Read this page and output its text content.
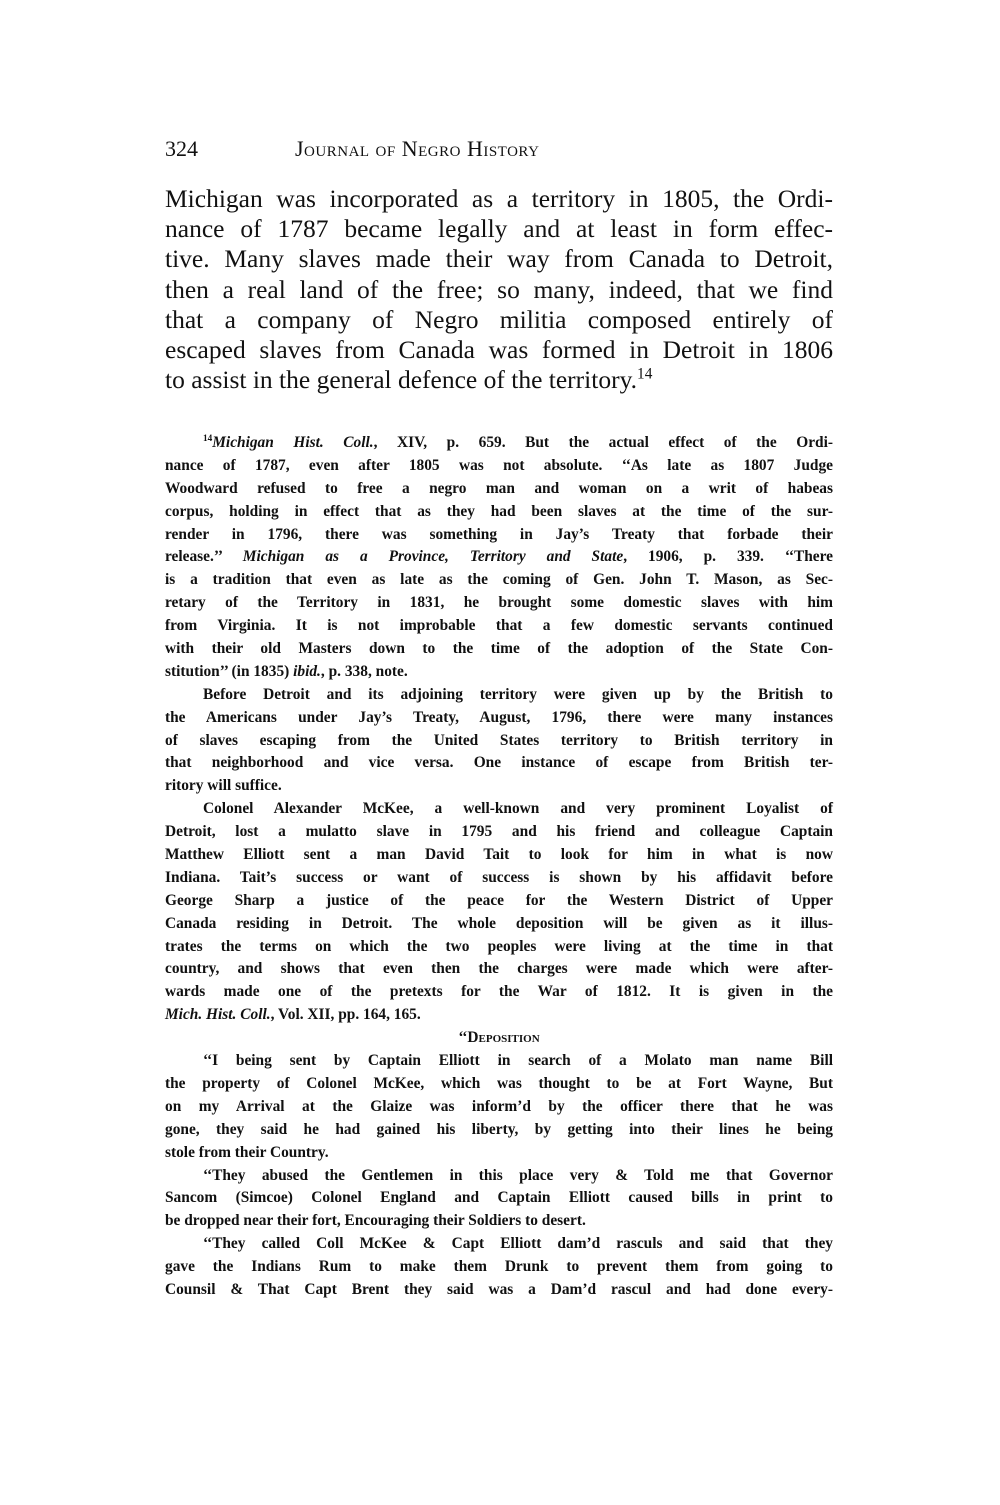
324	Journal of Negro History
Michigan was incorporated as a territory in 1805, the Ordi-
nance of 1787 became legally and at least in form effec-
tive. Many slaves made their way from Canada to Detroit,
then a real land of the free; so many, indeed, that we find
that a company of Negro militia composed entirely of
escaped slaves from Canada was formed in Detroit in 1806
to assist in the general defence of the territory.$^{14}$
$^{14}$Michigan Hist. Coll., XIV, p. 659. But the actual effect of the Ordi-
nance of 1787, even after 1805 was not absolute. ‘‘As late as 1807 Judge
Woodward refused to free a negro man and woman on a writ of habeas
corpus, holding in effect that as they had been slaves at the time of the sur-
render in 1796, there was something in Jay’s Treaty that forbade their
release.’’ Michigan as a Province, Territory and State, 1906, p. 339. ‘‘There
is a tradition that even as late as the coming of Gen. John T. Mason, as Sec-
retary of the Territory in 1831, he brought some domestic slaves with him
from Virginia. It is not improbable that a few domestic servants continued
with their old Masters down to the time of the adoption of the State Con-
stitution’’ (in 1835) ibid., p. 338, note.
Before Detroit and its adjoining territory were given up by the British to
the Americans under Jay’s Treaty, August, 1796, there were many instances
of slaves escaping from the United States territory to British territory in
that neighborhood and vice versa. One instance of escape from British ter-
ritory will suffice.
Colonel Alexander McKee, a well-known and very prominent Loyalist of
Detroit, lost a mulatto slave in 1795 and his friend and colleague Captain
Matthew Elliott sent a man David Tait to look for him in what is now
Indiana. Tait’s success or want of success is shown by his affidavit before
George Sharp a justice of the peace for the Western District of Upper
Canada residing in Detroit. The whole deposition will be given as it illus-
trates the terms on which the two peoples were living at the time in that
country, and shows that even then the charges were made which were after-
wards made one of the pretexts for the War of 1812. It is given in the
Mich. Hist. Coll., Vol. XII, pp. 164, 165.
‘‘Deposition
‘‘I being sent by Captain Elliott in search of a Molato man name Bill
the property of Colonel McKee, which was thought to be at Fort Wayne, But
on my Arrival at the Glaize was inform’d by the officer there that he was
gone, they said he had gained his liberty, by getting into their lines he being
stole from their Country.
‘‘They abused the Gentlemen in this place very & Told me that Governor
Sancom (Simcoe) Colonel England and Captain Elliott caused bills in print to
be dropped near their fort, Encouraging their Soldiers to desert.
‘‘They called Coll McKee & Capt Elliott dam’d rasculs and said that they
gave the Indians Rum to make them Drunk to prevent them from going to
Counsil & That Capt Brent they said was a Dam’d rascul and had done every-
